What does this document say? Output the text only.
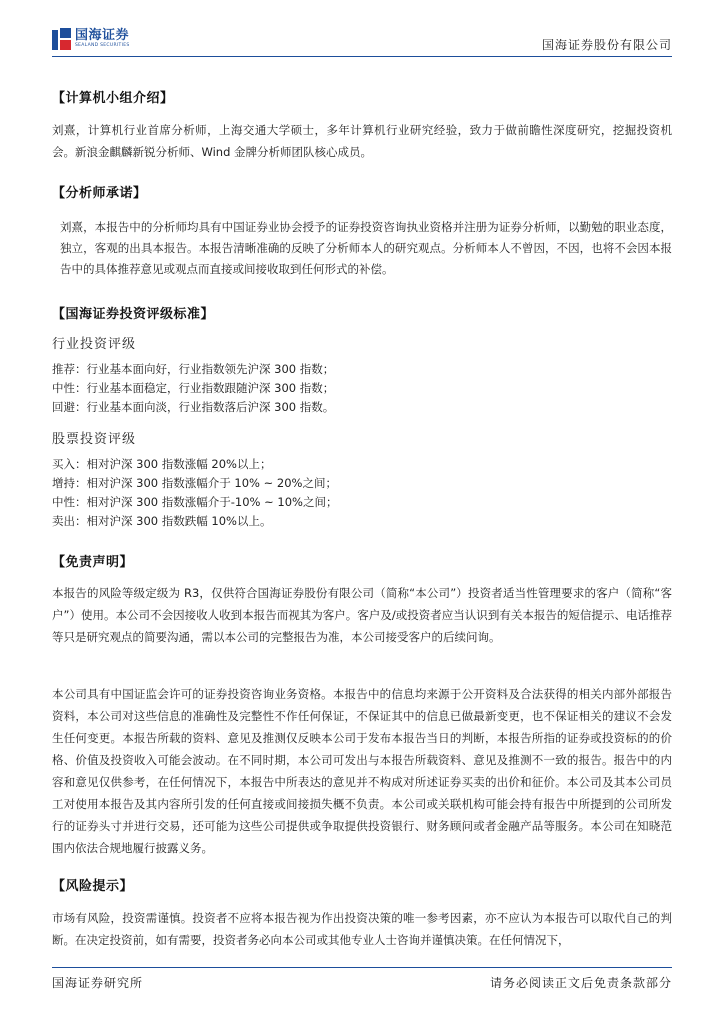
国海证券
SEALAND SECURITIES	国海证券股份有限公司
【计算机小组介绍】
刘熹，计算机行业首席分析师，上海交通大学硕士，多年计算机行业研究经验，致力于做前瞻性深度研究，挖掘投资机会。新浪金麒麟新锐分析师、Wind 金牌分析师团队核心成员。
【分析师承诺】
刘熹，本报告中的分析师均具有中国证券业协会授予的证券投资咨询执业资格并注册为证券分析师，以勤勉的职业态度，独立，客观的出具本报告。本报告清晰准确的反映了分析师本人的研究观点。分析师本人不曾因，不因，也将不会因本报告中的具体推荐意见或观点而直接或间接收取到任何形式的补偿。
【国海证券投资评级标准】
行业投资评级
推荐：行业基本面向好，行业指数领先沪深 300 指数；
中性：行业基本面稳定，行业指数跟随沪深 300 指数；
回避：行业基本面向淡，行业指数落后沪深 300 指数。
股票投资评级
买入：相对沪深 300 指数涨幅 20%以上；
增持：相对沪深 300 指数涨幅介于 10% ~ 20%之间；
中性：相对沪深 300 指数涨幅介于-10% ~ 10%之间；
卖出：相对沪深 300 指数跌幅 10%以上。
【免责声明】
本报告的风险等级定级为 R3，仅供符合国海证券股份有限公司（简称“本公司”）投资者适当性管理要求的客户（简称“客户”）使用。本公司不会因接收人收到本报告而视其为客户。客户及/或投资者应当认识到有关本报告的短信提示、电话推荐等只是研究观点的简要沟通，需以本公司的完整报告为准，本公司接受客户的后续问询。
本公司具有中国证监会许可的证券投资咨询业务资格。本报告中的信息均来源于公开资料及合法获得的相关内部外部报告资料，本公司对这些信息的准确性及完整性不作任何保证，不保证其中的信息已做最新变更，也不保证相关的建议不会发生任何变更。本报告所载的资料、意见及推测仅反映本公司于发布本报告当日的判断，本报告所指的证券或投资标的的价格、价值及投资收入可能会波动。在不同时期，本公司可发出与本报告所载资料、意见及推测不一致的报告。报告中的内容和意见仅供参考，在任何情况下，本报告中所表达的意见并不构成对所述证券买卖的出价和征价。本公司及其本公司员工对使用本报告及其内容所引发的任何直接或间接损失概不负责。本公司或关联机构可能会持有报告中所提到的公司所发行的证券头寸并进行交易，还可能为这些公司提供或争取提供投资银行、财务顾问或者金融产品等服务。本公司在知晓范围内依法合规地履行披露义务。
【风险提示】
市场有风险，投资需谨慎。投资者不应将本报告视为作出投资决策的唯一参考因素，亦不应认为本报告可以取代自己的判断。在决定投资前，如有需要，投资者务必向本公司或其他专业人士咨询并谨慎决策。在任何情况下，
国海证券研究所	请务必阅读正文后免责条款部分
